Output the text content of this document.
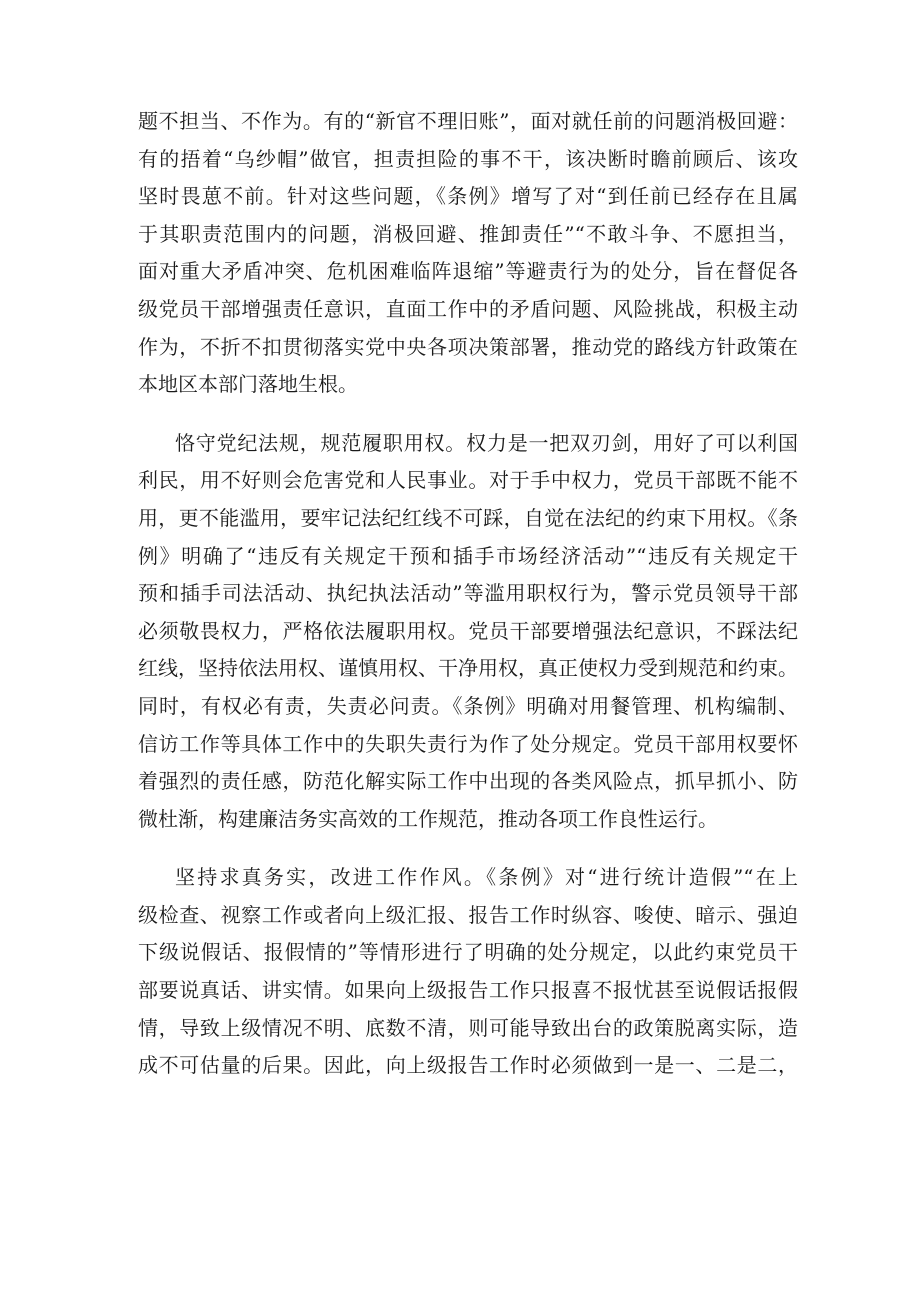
题不担当、不作为。有的“新官不理旧账”，面对就任前的问题消极回避：
有的捂着“乌纱帽”做官，担责担险的事不干，该决断时瞻前顾后、该攻
坚时畏葸不前。针对这些问题，《条例》增写了对“到任前已经存在且属
于其职责范围内的问题，消极回避、推卸责任”“不敢斗争、不愿担当，
面对重大矛盾冲突、危机困难临阵退缩”等避责行为的处分，旨在督促各
级党员干部增强责任意识，直面工作中的矛盾问题、风险挑战，积极主动
作为，不折不扣贯彻落实党中央各项决策部署，推动党的路线方针政策在
本地区本部门落地生根。
恪守党纪法规，规范履职用权。权力是一把双刃剑，用好了可以利国
利民，用不好则会危害党和人民事业。对于手中权力，党员干部既不能不
用，更不能滥用，要牢记法纪红线不可踩，自觉在法纪的约束下用权。《条
例》明确了“违反有关规定干预和插手市场经济活动”“违反有关规定干
预和插手司法活动、执纪执法活动”等滥用职权行为，警示党员领导干部
必须敬畏权力，严格依法履职用权。党员干部要增强法纪意识，不踩法纪
红线，坚持依法用权、谨慎用权、干净用权，真正使权力受到规范和约束。
同时，有权必有责，失责必问责。《条例》明确对用餐管理、机构编制、
信访工作等具体工作中的失职失责行为作了处分规定。党员干部用权要怀
着强烈的责任感，防范化解实际工作中出现的各类风险点，抓早抓小、防
微杜渐，构建廉洁务实高效的工作规范，推动各项工作良性运行。
坚持求真务实，改进工作作风。《条例》对“进行统计造假”“在上
级检查、视察工作或者向上级汇报、报告工作时纵容、唆使、暗示、强迫
下级说假话、报假情的”等情形进行了明确的处分规定，以此约束党员干
部要说真话、讲实情。如果向上级报告工作只报喜不报忧甚至说假话报假
情，导致上级情况不明、底数不清，则可能导致出台的政策脱离实际，造
成不可估量的后果。因此，向上级报告工作时必须做到一是一、二是二，
